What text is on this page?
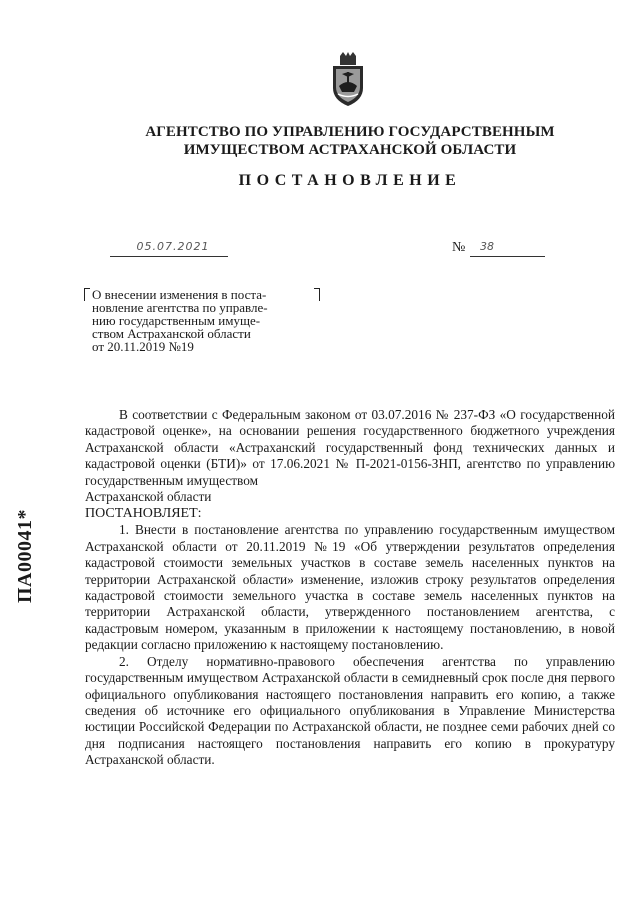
АГЕНТСТВО ПО УПРАВЛЕНИЮ ГОСУДАРСТВЕННЫМ
ИМУЩЕСТВОМ АСТРАХАНСКОЙ ОБЛАСТИ
ПОСТАНОВЛЕНИЕ
05.07.2021	№ 38
О внесении изменения в поста-
новление агентства по управле-
нию государственным имуще-
ством Астраханской области
от 20.11.2019 №19

В соответствии с Федеральным законом от 03.07.2016 № 237-ФЗ «О государственной кадастровой оценке», на основании решения государственного бюджетного учреждения Астраханской области «Астраханский государственный фонд технических данных и кадастровой оценки (БТИ)» от 17.06.2021 № П-2021-0156-ЗНП, агентство по управлению государственным имуществом

Астраханской области

ПОСТАНОВЛЯЕТ:

1. Внести в постановление агентства по управлению государственным имуществом Астраханской области от 20.11.2019 №19 «Об утверждении результатов определения кадастровой стоимости земельных участков в составе земель населенных пунктов на территории Астраханской области» изменение, изложив строку результатов определения кадастровой стоимости земельного участка в составе земель населенных пунктов на территории Астраханской области, утвержденного постановлением агентства, с кадастровым номером, указанным в приложении к настоящему постановлению, в новой редакции согласно приложению к настоящему постановлению.

2. Отделу нормативно-правового обеспечения агентства по управлению государственным имуществом Астраханской области в семидневный срок после дня первого официального опубликования настоящего постановления направить его копию, а также сведения об источнике его официального опубликования в Управление Министерства юстиции Российской Федерации по Астраханской области, не позднее семи рабочих дней со дня подписания настоящего постановления направить его копию в прокуратуру Астраханской области.

ПА00041*
